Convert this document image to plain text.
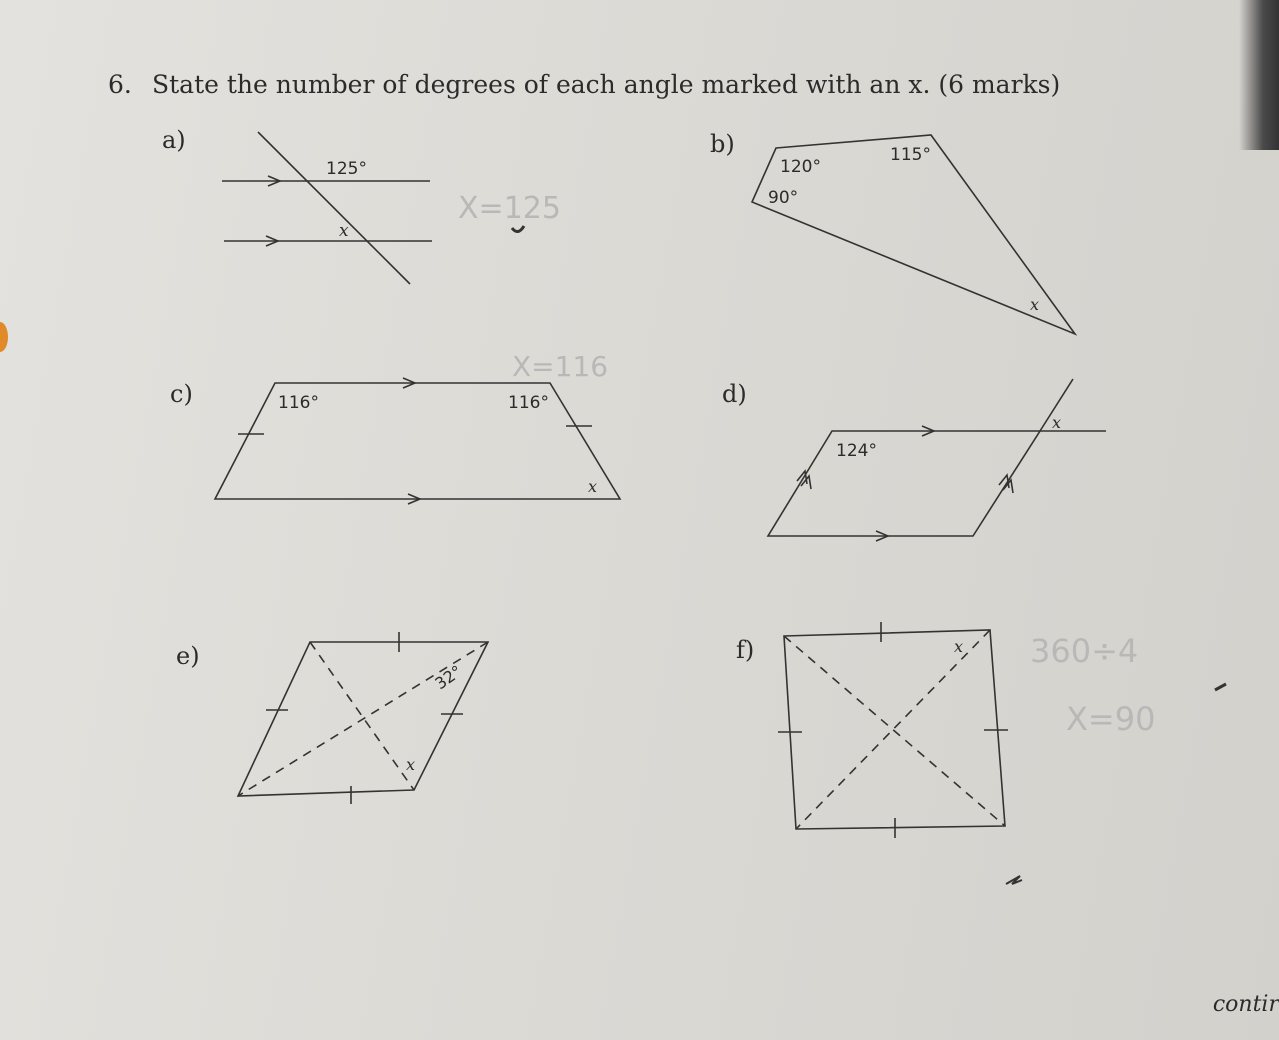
6. State the number of degrees of each angle marked with an x. (6 marks)
a)	b)
c)	d)
e)	f)
contir
125°
x
X=125
120°
90°
115°
x
116°	116°
x
X=116
124°
x
32°
x
x 360÷4
X=90
